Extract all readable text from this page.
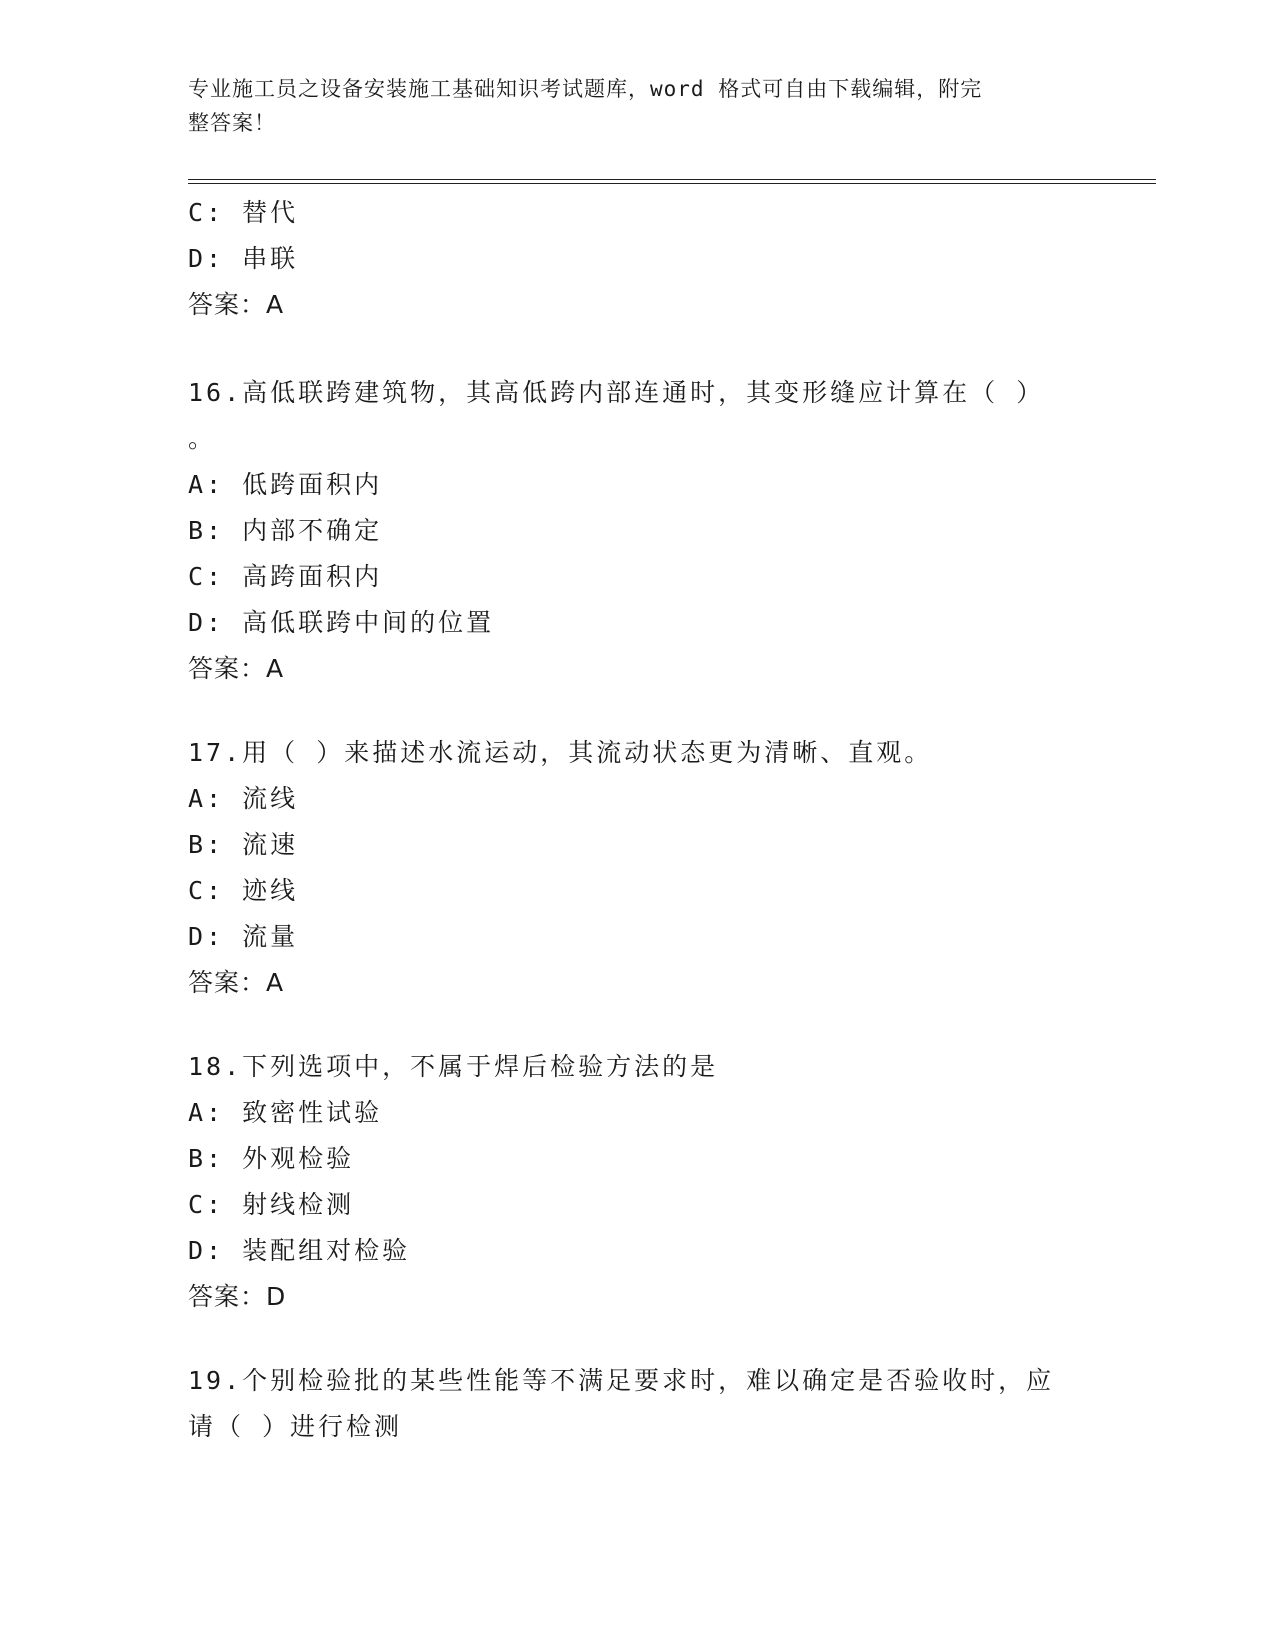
专业施工员之设备安装施工基础知识考试题库，word 格式可自由下载编辑，附完
整答案！
C: 替代
D: 串联
答案：A
16.高低联跨建筑物，其高低跨内部连通时，其变形缝应计算在（ ）
。
A: 低跨面积内
B: 内部不确定
C: 高跨面积内
D: 高低联跨中间的位置
答案：A
17.用（ ）来描述水流运动，其流动状态更为清晰、直观。
A: 流线
B: 流速
C: 迹线
D: 流量
答案：A
18.下列选项中，不属于焊后检验方法的是
A: 致密性试验
B: 外观检验
C: 射线检测
D: 装配组对检验
答案：D
19.个别检验批的某些性能等不满足要求时，难以确定是否验收时，应
请（ ）进行检测
